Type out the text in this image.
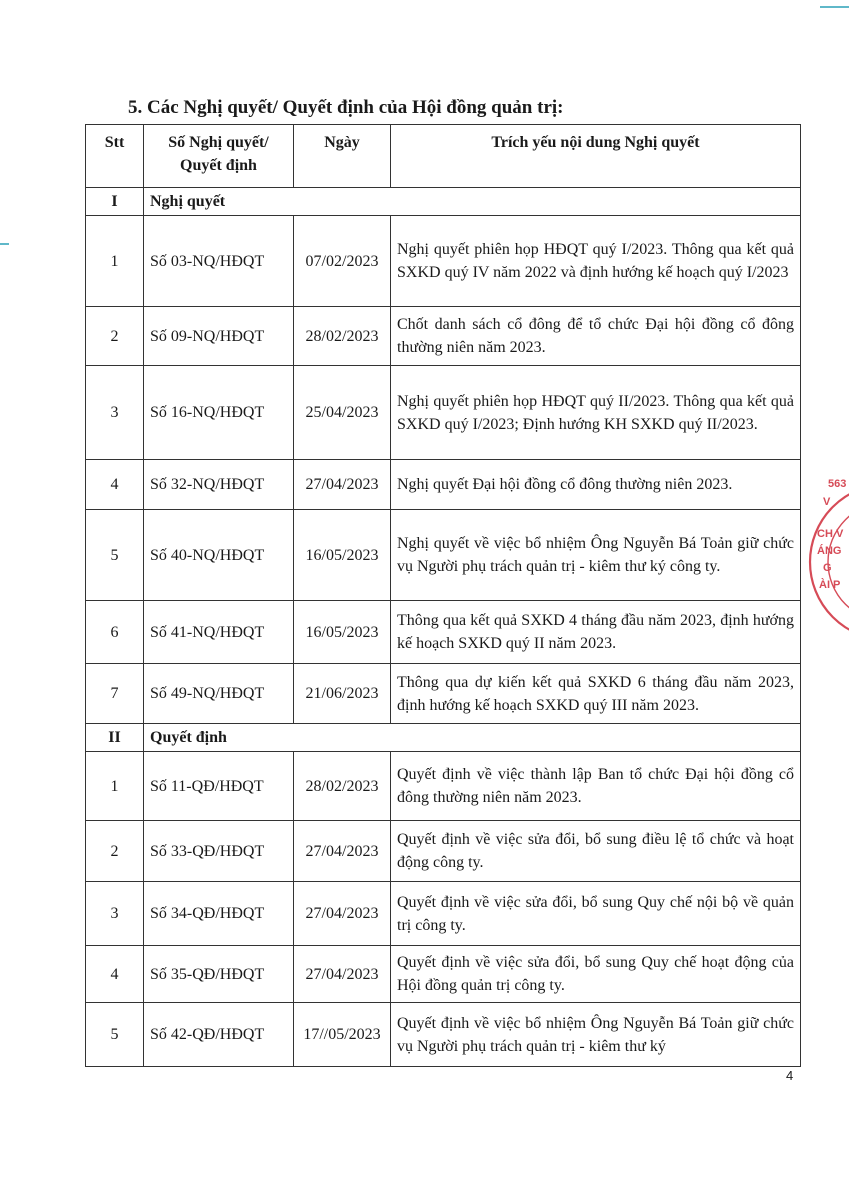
5. Các Nghị quyết/ Quyết định của Hội đồng quản trị:
Stt	Số Nghị quyết/ Quyết định	Ngày	Trích yếu nội dung Nghị quyết
I	Nghị quyết		
1	Số 03-NQ/HĐQT	07/02/2023	Nghị quyết phiên họp HĐQT quý I/2023. Thông qua kết quả SXKD quý IV năm 2022 và định hướng kế hoạch quý I/2023
2	Số 09-NQ/HĐQT	28/02/2023	Chốt danh sách cổ đông để tổ chức Đại hội đồng cổ đông thường niên năm 2023.
3	Số 16-NQ/HĐQT	25/04/2023	Nghị quyết phiên họp HĐQT quý II/2023. Thông qua kết quả SXKD quý I/2023; Định hướng KH SXKD quý II/2023.
4	Số 32-NQ/HĐQT	27/04/2023	Nghị quyết Đại hội đồng cổ đông thường niên 2023.
5	Số 40-NQ/HĐQT	16/05/2023	Nghị quyết về việc bổ nhiệm Ông Nguyễn Bá Toản giữ chức vụ Người phụ trách quản trị - kiêm thư ký công ty.
6	Số 41-NQ/HĐQT	16/05/2023	Thông qua kết quả SXKD 4 tháng đầu năm 2023, định hướng kế hoạch SXKD quý II năm 2023.
7	Số 49-NQ/HĐQT	21/06/2023	Thông qua dự kiến kết quả SXKD 6 tháng đầu năm 2023, định hướng kế hoạch SXKD quý III năm 2023.
II	Quyết định		
1	Số 11-QĐ/HĐQT	28/02/2023	Quyết định về việc thành lập Ban tổ chức Đại hội đồng cổ đông thường niên năm 2023.
2	Số 33-QĐ/HĐQT	27/04/2023	Quyết định về việc sửa đổi, bổ sung điều lệ tổ chức và hoạt động công ty.
3	Số 34-QĐ/HĐQT	27/04/2023	Quyết định về việc sửa đổi, bổ sung Quy chế nội bộ về quản trị công ty.
4	Số 35-QĐ/HĐQT	27/04/2023	Quyết định về việc sửa đổi, bổ sung Quy chế hoạt động của Hội đồng quản trị công ty.
5	Số 42-QĐ/HĐQT	17//05/2023	Quyết định về việc bổ nhiệm Ông Nguyễn Bá Toản giữ chức vụ Người phụ trách quản trị - kiêm thư ký
4
563
V
CH V
ÁNG
G
ÀI P
